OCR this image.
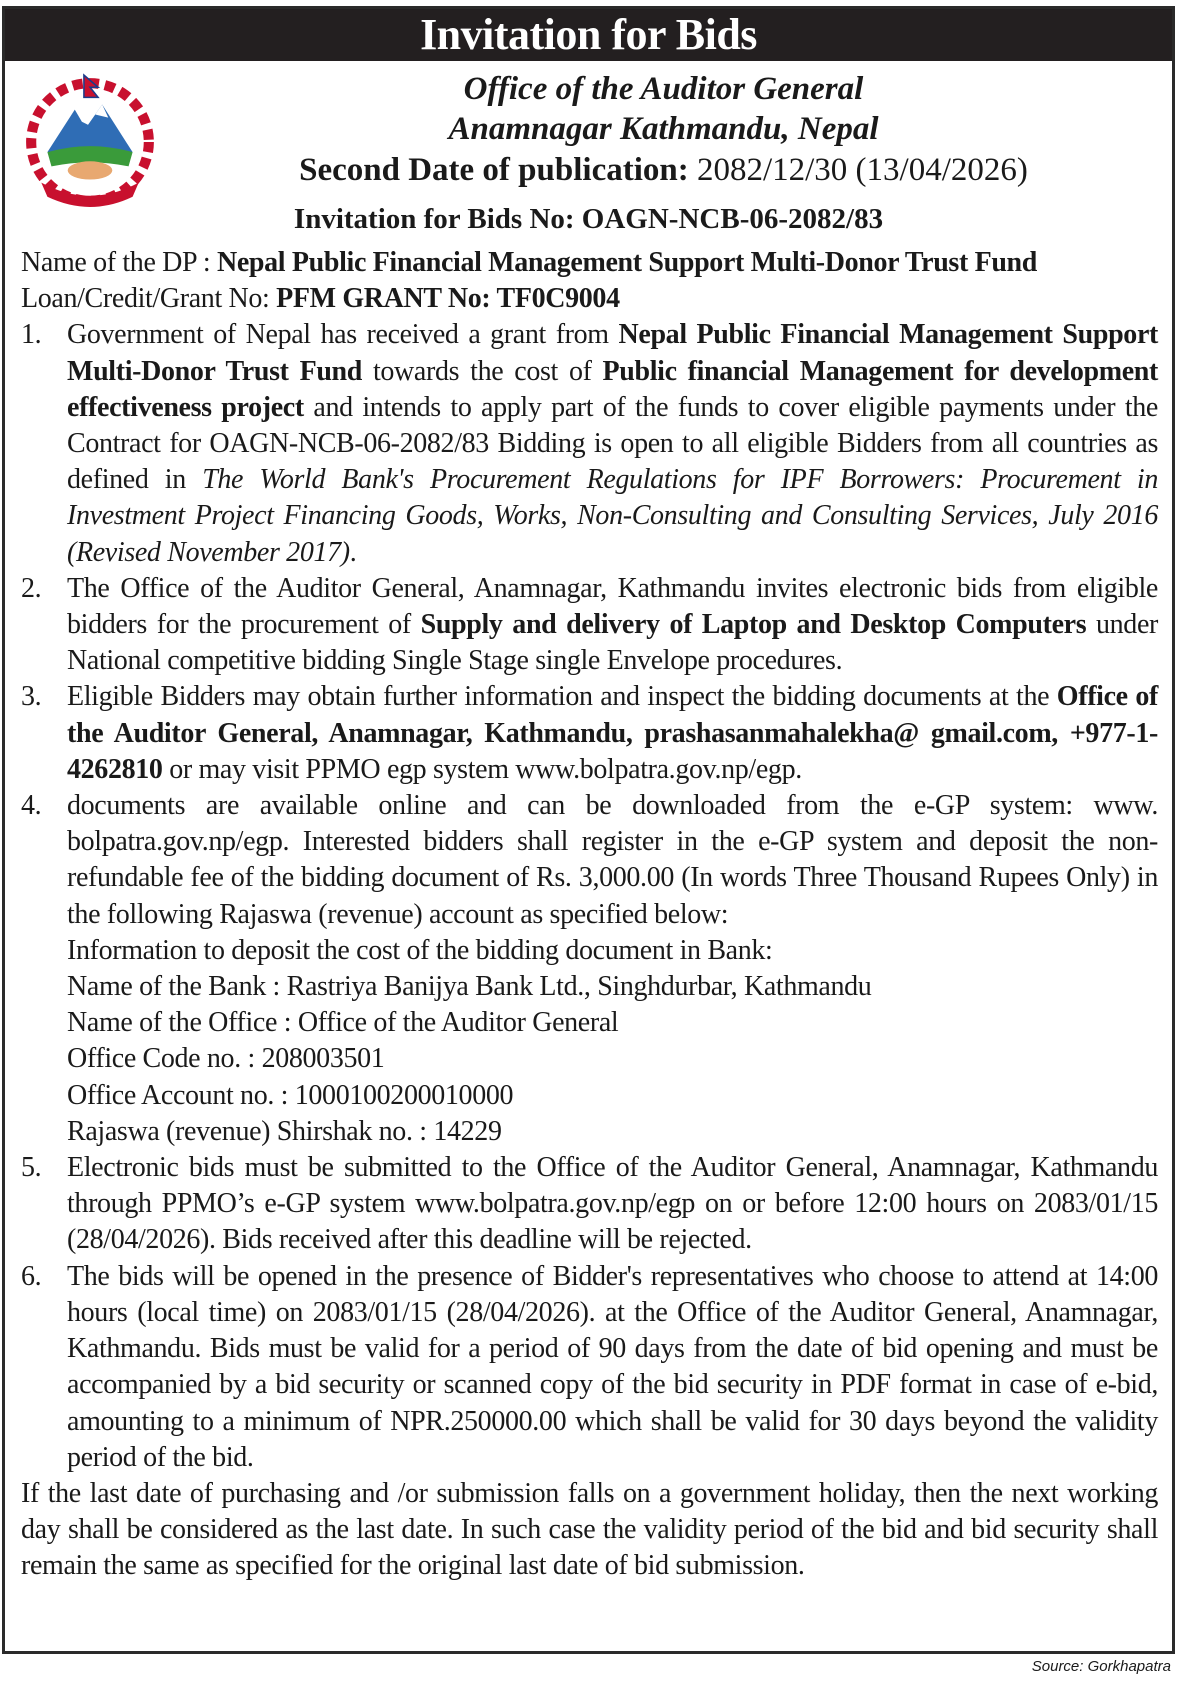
Invitation for Bids
Office of the Auditor General
Anamnagar Kathmandu, Nepal
Second Date of publication: 2082/12/30 (13/04/2026)
Invitation for Bids No: OAGN-NCB-06-2082/83

Name of the DP : Nepal Public Financial Management Support Multi-Donor Trust Fund

Loan/Credit/Grant No: PFM GRANT No: TF0C9004

1. Government of Nepal has received a grant from Nepal Public Financial Management Support Multi-Donor Trust Fund towards the cost of Public financial Management for development effectiveness project and intends to apply part of the funds to cover eligible payments under the Contract for OAGN-NCB-06-2082/83 Bidding is open to all eligible Bidders from all countries as defined in The World Bank's Procurement Regulations for IPF Borrowers: Procurement in Investment Project Financing Goods, Works, Non-Consulting and Consulting Services, July 2016 (Revised November 2017).

2. The Office of the Auditor General, Anamnagar, Kathmandu invites electronic bids from eligible bidders for the procurement of Supply and delivery of Laptop and Desktop Computers under National competitive bidding Single Stage single Envelope procedures.

3. Eligible Bidders may obtain further information and inspect the bidding documents at the Office of the Auditor General, Anamnagar, Kathmandu, prashasanmahalekha@ gmail.com, +977-1-4262810 or may visit PPMO egp system www.bolpatra.gov.np/egp.

4. documents are available online and can be downloaded from the e-GP system: www. bolpatra.gov.np/egp. Interested bidders shall register in the e-GP system and deposit the non-refundable fee of the bidding document of Rs. 3,000.00 (In words Three Thousand Rupees Only) in the following Rajaswa (revenue) account as specified below:

Information to deposit the cost of the bidding document in Bank:
Name of the Bank : Rastriya Banijya Bank Ltd., Singhdurbar, Kathmandu
Name of the Office : Office of the Auditor General
Office Code no. : 208003501
Office Account no. : 1000100200010000
Rajaswa (revenue) Shirshak no. : 14229
5. Electronic bids must be submitted to the Office of the Auditor General, Anamnagar, Kathmandu through PPMO’s e-GP system www.bolpatra.gov.np/egp on or before 12:00 hours on 2083/01/15 (28/04/2026). Bids received after this deadline will be rejected.

6. The bids will be opened in the presence of Bidder's representatives who choose to attend at 14:00 hours (local time) on 2083/01/15 (28/04/2026). at the Office of the Auditor General, Anamnagar, Kathmandu. Bids must be valid for a period of 90 days from the date of bid opening and must be accompanied by a bid security or scanned copy of the bid security in PDF format in case of e-bid, amounting to a minimum of NPR.250000.00 which shall be valid for 30 days beyond the validity period of the bid.

If the last date of purchasing and /or submission falls on a government holiday, then the next working day shall be considered as the last date. In such case the validity period of the bid and bid security shall remain the same as specified for the original last date of bid submission.

Source: Gorkhapatra
